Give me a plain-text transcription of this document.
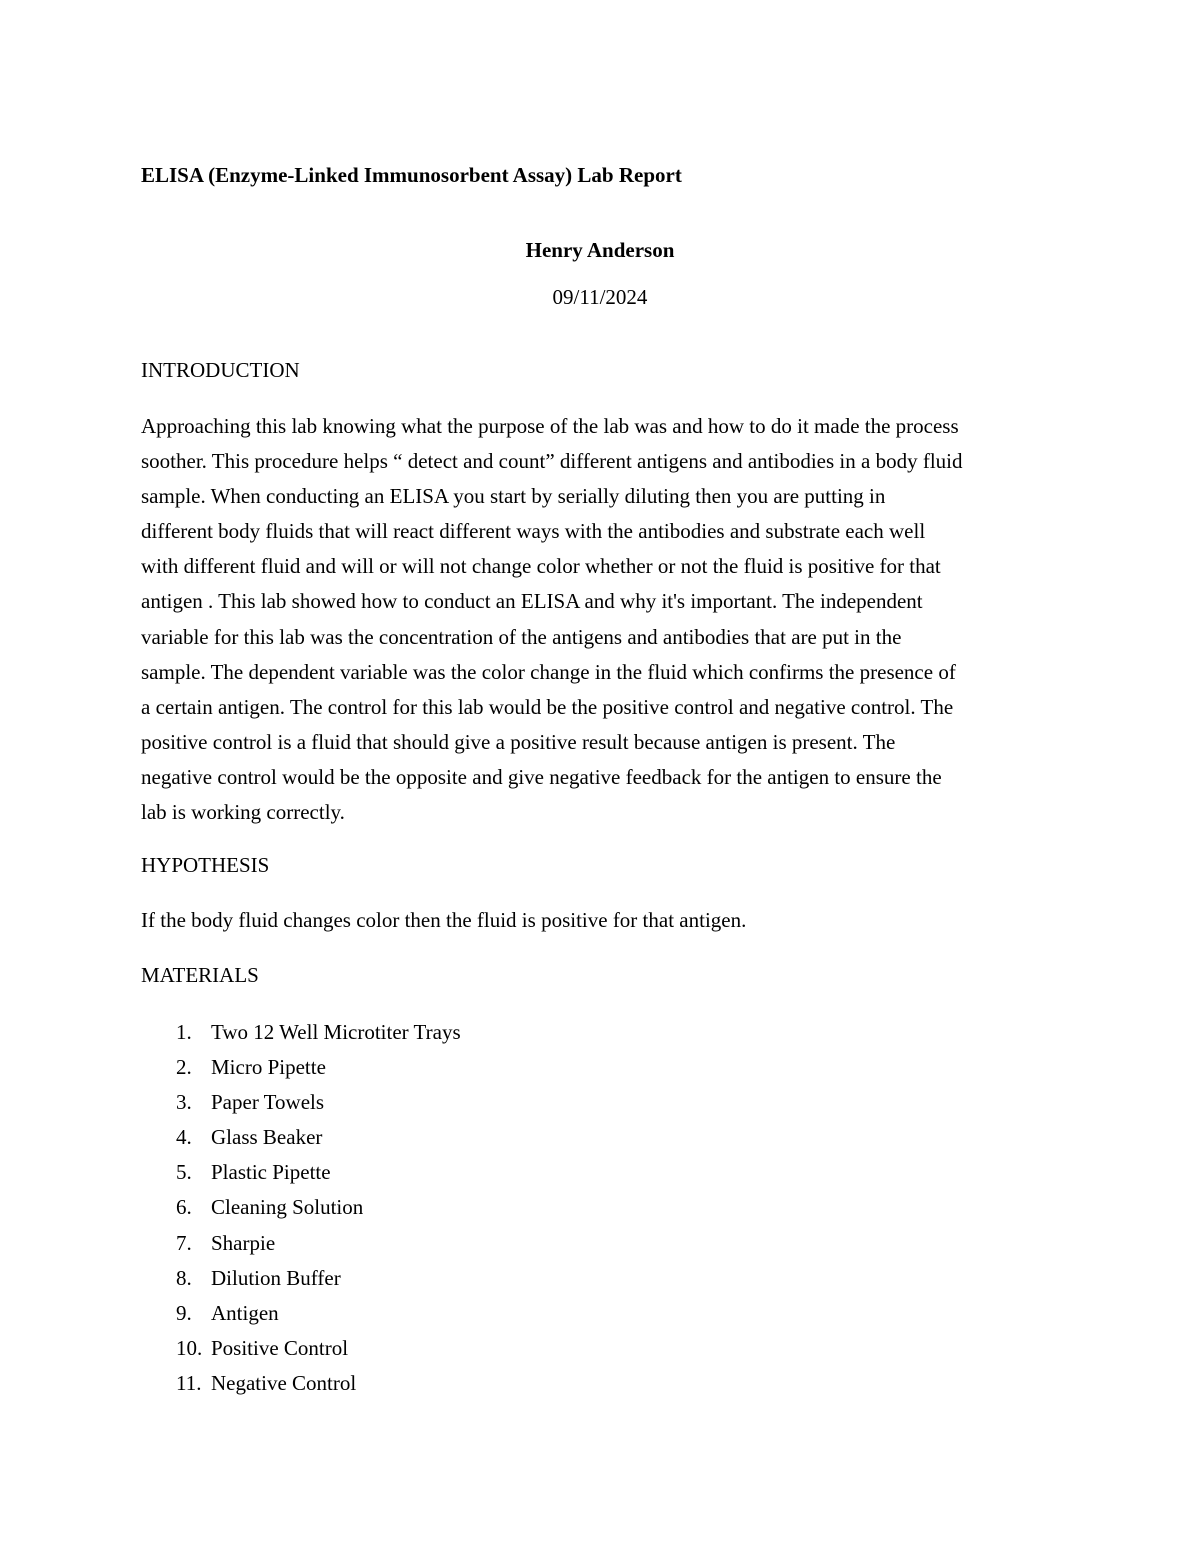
ELISA (Enzyme-Linked Immunosorbent Assay) Lab Report
Henry Anderson
09/11/2024
INTRODUCTION
Approaching this lab knowing what the purpose of the lab was and how to do it made the process
soother. This procedure helps “ detect and count” different antigens and antibodies in a body fluid
sample. When conducting an ELISA you start by serially diluting then you are putting in
different body fluids that will react different ways with the antibodies and substrate each well
with different fluid and will or will not change color whether or not the fluid is positive for that
antigen . This lab showed how to conduct an ELISA and why it's important. The independent
variable for this lab was the concentration of the antigens and antibodies that are put in the
sample. The dependent variable was the color change in the fluid which confirms the presence of
a certain antigen. The control for this lab would be the positive control and negative control. The
positive control is a fluid that should give a positive result because antigen is present. The
negative control would be the opposite and give negative feedback for the antigen to ensure the
lab is working correctly.
HYPOTHESIS
If the body fluid changes color then the fluid is positive for that antigen.
MATERIALS
1. Two 12 Well Microtiter Trays
2. Micro Pipette
3. Paper Towels
4. Glass Beaker
5. Plastic Pipette
6. Cleaning Solution
7. Sharpie
8. Dilution Buffer
9. Antigen
10. Positive Control
11. Negative Control
